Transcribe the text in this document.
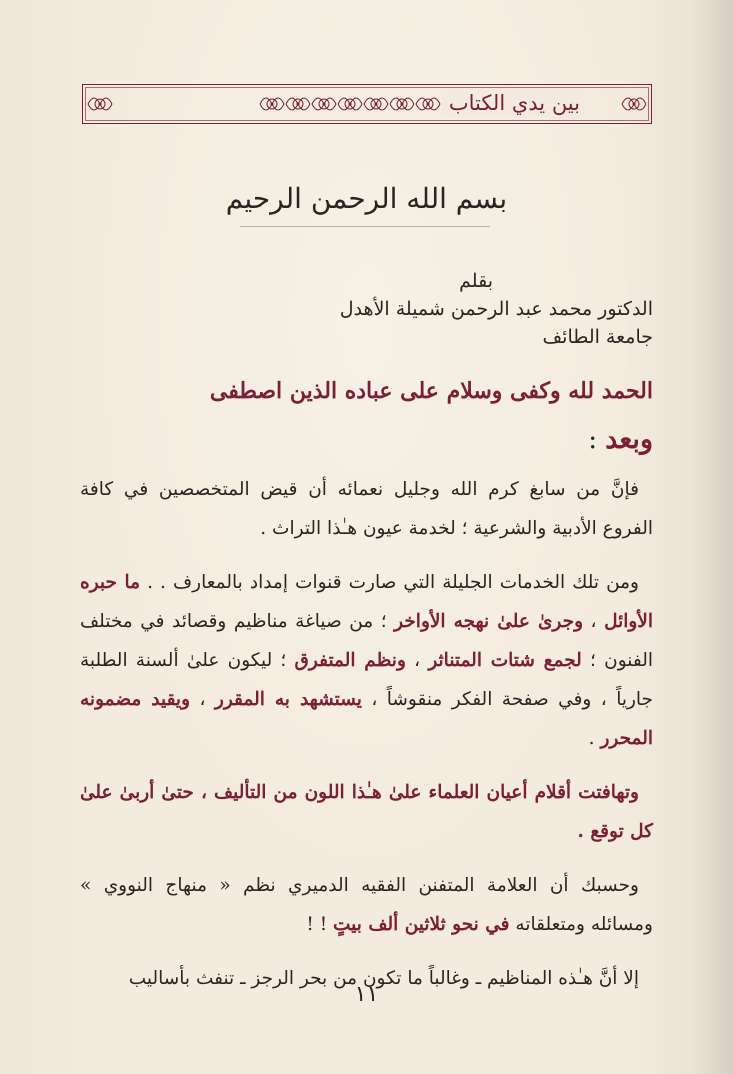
بين يدي الكتاب
بسم الله الرحمن الرحيم
بقلم
الدكتور محمد عبد الرحمن شميلة الأهدل
جامعة الطائف
الحمد لله وكفى وسلام على عباده الذين اصطفى
وبعد:

فإنَّ من سابغ كرم الله وجليل نعمائه أن قيض المتخصصين في كافة الفروع الأدبية والشرعية ؛ لخدمة عيون هـٰذا التراث .

ومن تلك الخدمات الجليلة التي صارت قنوات إمداد بالمعارف . . ما حبره الأوائل ، وجرىٰ علىٰ نهجه الأواخر ؛ من صياغة مناظيم وقصائد في مختلف الفنون ؛ لجمع شتات المتناثر ، ونظم المتفرق ؛ ليكون علىٰ ألسنة الطلبة جارياً ، وفي صفحة الفكر منقوشاً ، يستشهد به المقرر ، ويقيد مضمونه المحرر .

وتهافتت أقلام أعيان العلماء علىٰ هـٰذا اللون من التأليف ، حتىٰ أربىٰ علىٰ كل توقع .

وحسبك أن العلامة المتفنن الفقيه الدميري نظم « منهاج النووي » ومسائله ومتعلقاته في نحو ثلاثين ألف بيتٍ ! !

إلا أنَّ هـٰذه المناظيم ـ وغالباً ما تكون من بحر الرجز ـ تنفث بأساليب

١١
